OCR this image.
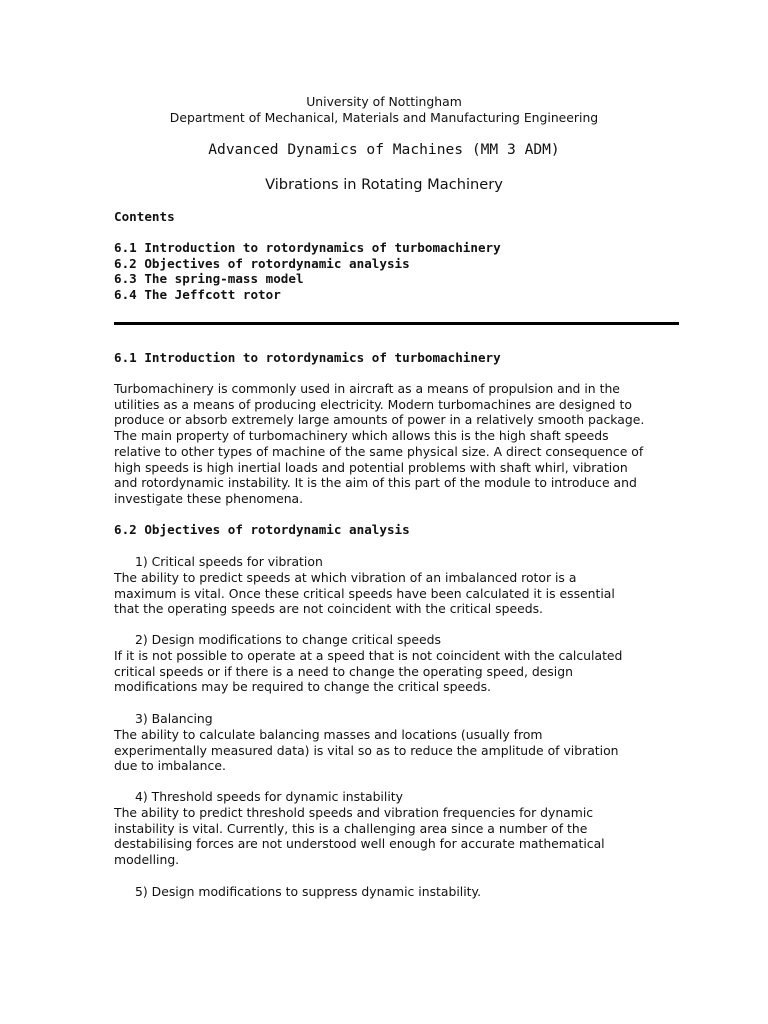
University of Nottingham
Department of Mechanical, Materials and Manufacturing Engineering
Advanced Dynamics of Machines (MM 3 ADM)
Vibrations in Rotating Machinery
Contents
6.1 Introduction to rotordynamics of turbomachinery
6.2 Objectives of rotordynamic analysis
6.3 The spring-mass model
6.4 The Jeffcott rotor
6.1 Introduction to rotordynamics of turbomachinery
Turbomachinery is commonly used in aircraft as a means of propulsion and in the
utilities as a means of producing electricity. Modern turbomachines are designed to
produce or absorb extremely large amounts of power in a relatively smooth package.
The main property of turbomachinery which allows this is the high shaft speeds
relative to other types of machine of the same physical size. A direct consequence of
high speeds is high inertial loads and potential problems with shaft whirl, vibration
and rotordynamic instability. It is the aim of this part of the module to introduce and
investigate these phenomena.
6.2 Objectives of rotordynamic analysis
1) Critical speeds for vibration
The ability to predict speeds at which vibration of an imbalanced rotor is a
maximum is vital. Once these critical speeds have been calculated it is essential
that the operating speeds are not coincident with the critical speeds.
2) Design modifications to change critical speeds
If it is not possible to operate at a speed that is not coincident with the calculated
critical speeds or if there is a need to change the operating speed, design
modifications may be required to change the critical speeds.
3) Balancing
The ability to calculate balancing masses and locations (usually from
experimentally measured data) is vital so as to reduce the amplitude of vibration
due to imbalance.
4) Threshold speeds for dynamic instability
The ability to predict threshold speeds and vibration frequencies for dynamic
instability is vital. Currently, this is a challenging area since a number of the
destabilising forces are not understood well enough for accurate mathematical
modelling.
5) Design modifications to suppress dynamic instability.
